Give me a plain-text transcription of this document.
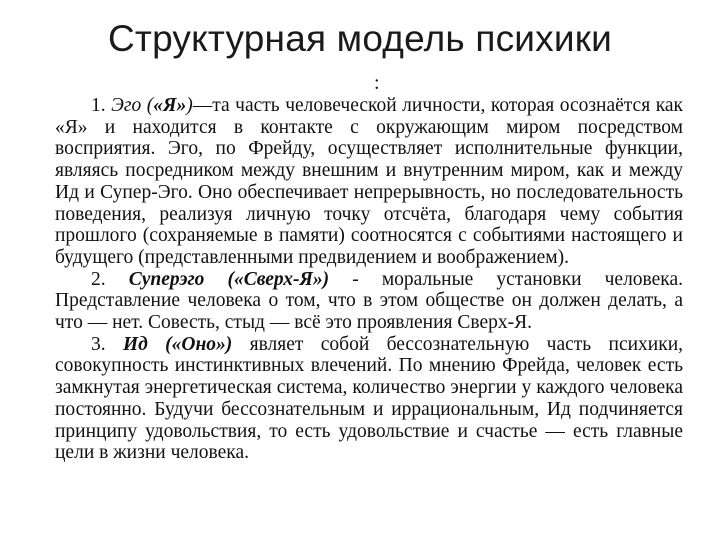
Структурная модель психики
:

1. Эго («Я»)—та часть человеческой личности, которая осознаётся как «Я» и находится в контакте с окружающим миром посредством восприятия. Эго, по Фрейду, осуществляет исполнительные функции, являясь посредником между внешним и внутренним миром, как и между Ид и Супер-Эго. Оно обеспечивает непрерывность, но последовательность поведения, реализуя личную точку отсчёта, благодаря чему события прошлого (сохраняемые в памяти) соотносятся с событиями настоящего и будущего (представленными предвидением и воображением).

2. Суперэго («Сверх-Я») - моральные установки человека. Представление человека о том, что в этом обществе он должен делать, а что — нет. Совесть, стыд — всё это проявления Сверх-Я.

3. Ид («Оно») являет собой бессознательную часть психики, совокупность инстинктивных влечений. По мнению Фрейда, человек есть замкнутая энергетическая система, количество энергии у каждого человека постоянно. Будучи бессознательным и иррациональным, Ид подчиняется принципу удовольствия, то есть удовольствие и счастье — есть главные цели в жизни человека.
